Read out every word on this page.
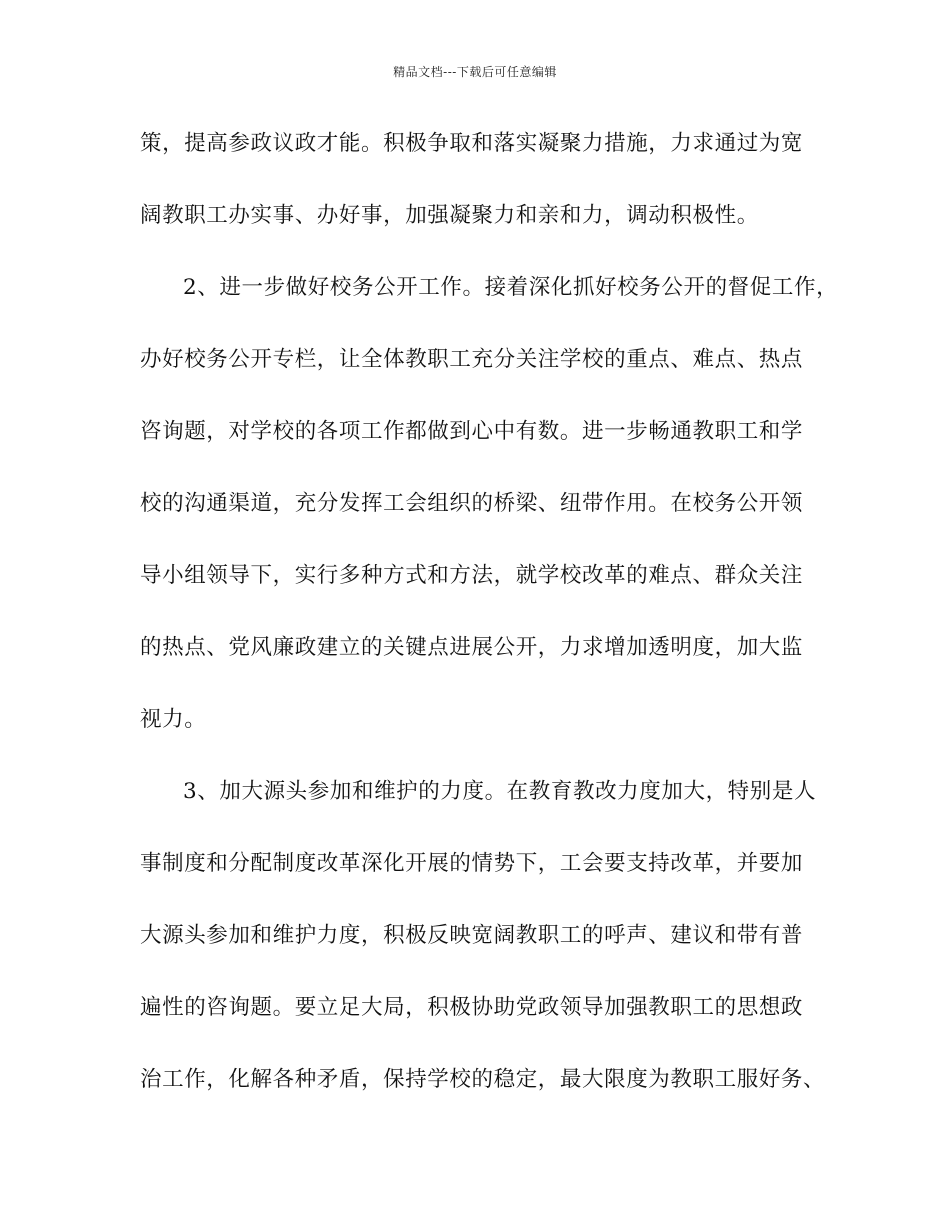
精品文档---下载后可任意编辑
策，提高参政议政才能。积极争取和落实凝聚力措施，力求通过为宽
阔教职工办实事、办好事，加强凝聚力和亲和力，调动积极性。
2、进一步做好校务公开工作。接着深化抓好校务公开的督促工作，
办好校务公开专栏，让全体教职工充分关注学校的重点、难点、热点
咨询题，对学校的各项工作都做到心中有数。进一步畅通教职工和学
校的沟通渠道，充分发挥工会组织的桥梁、纽带作用。在校务公开领
导小组领导下，实行多种方式和方法，就学校改革的难点、群众关注
的热点、党风廉政建立的关键点进展公开，力求增加透明度，加大监
视力。
3、加大源头参加和维护的力度。在教育教改力度加大，特别是人
事制度和分配制度改革深化开展的情势下，工会要支持改革，并要加
大源头参加和维护力度，积极反映宽阔教职工的呼声、建议和带有普
遍性的咨询题。要立足大局，积极协助党政领导加强教职工的思想政
治工作，化解各种矛盾，保持学校的稳定，最大限度为教职工服好务、
